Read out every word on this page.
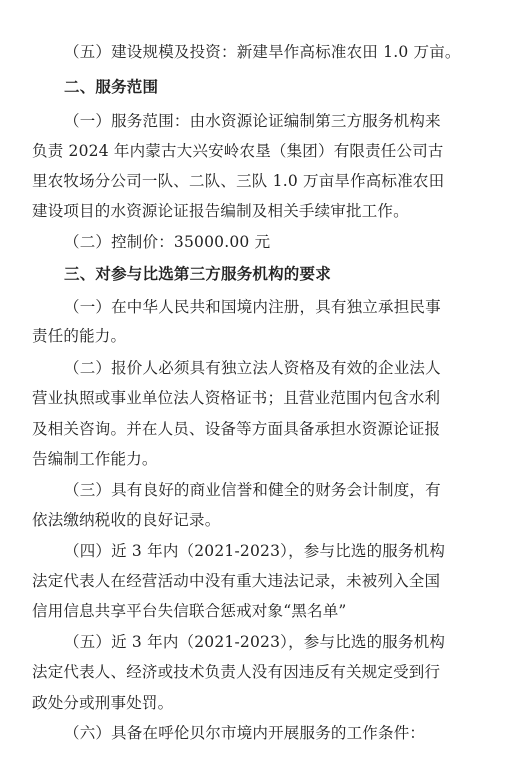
（五）建设规模及投资：新建旱作高标准农田 1.0 万亩。
二、服务范围
（一）服务范围：由水资源论证编制第三方服务机构来
负责 2024 年内蒙古大兴安岭农垦（集团）有限责任公司古
里农牧场分公司一队、二队、三队 1.0 万亩旱作高标准农田
建设项目的水资源论证报告编制及相关手续审批工作。
（二）控制价：35000.00 元
三、对参与比选第三方服务机构的要求
（一）在中华人民共和国境内注册，具有独立承担民事
责任的能力。
（二）报价人必须具有独立法人资格及有效的企业法人
营业执照或事业单位法人资格证书；且营业范围内包含水利
及相关咨询。并在人员、设备等方面具备承担水资源论证报
告编制工作能力。
（三）具有良好的商业信誉和健全的财务会计制度，有
依法缴纳税收的良好记录。
（四）近 3 年内（2021-2023），参与比选的服务机构
法定代表人在经营活动中没有重大违法记录，未被列入全国
信用信息共享平台失信联合惩戒对象“黑名单”
（五）近 3 年内（2021-2023），参与比选的服务机构
法定代表人、经济或技术负责人没有因违反有关规定受到行
政处分或刑事处罚。
（六）具备在呼伦贝尔市境内开展服务的工作条件：
